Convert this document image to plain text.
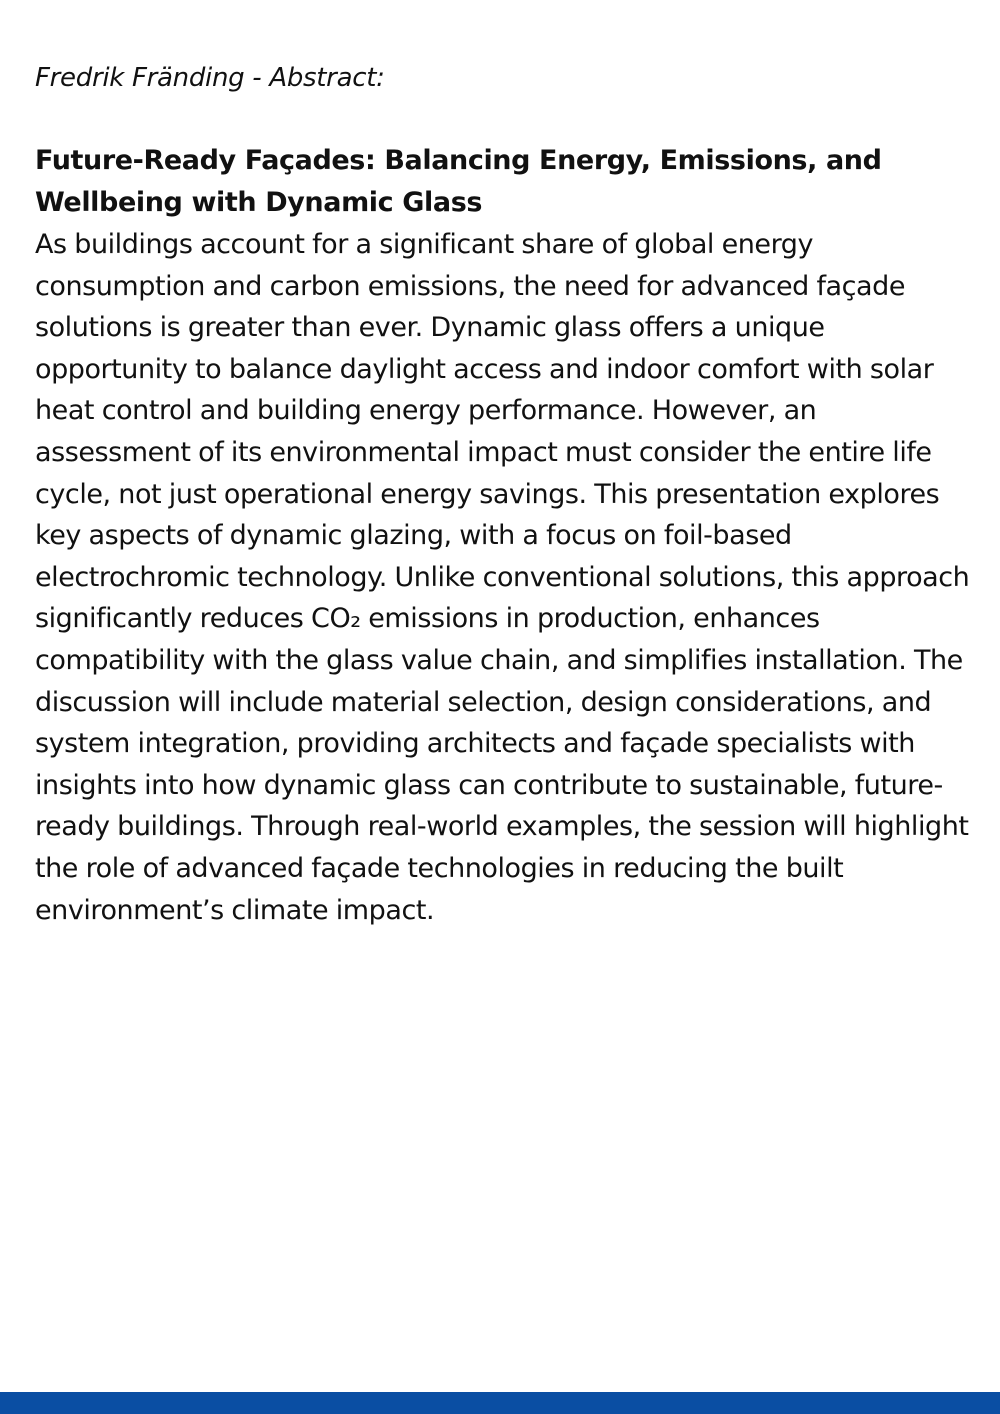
Fredrik Fränding - Abstract:

Future-Ready Façades: Balancing Energy, Emissions, and Wellbeing with Dynamic Glass

As buildings account for a significant share of global energy consumption and carbon emissions, the need for advanced façade solutions is greater than ever. Dynamic glass offers a unique opportunity to balance daylight access and indoor comfort with solar heat control and building energy performance. However, an assessment of its environmental impact must consider the entire life cycle, not just operational energy savings. This presentation explores key aspects of dynamic glazing, with a focus on foil-based electrochromic technology. Unlike conventional solutions, this approach significantly reduces CO₂ emissions in production, enhances compatibility with the glass value chain, and simplifies installation. The discussion will include material selection, design considerations, and system integration, providing architects and façade specialists with insights into how dynamic glass can contribute to sustainable, future-ready buildings. Through real-world examples, the session will highlight the role of advanced façade technologies in reducing the built environment’s climate impact.
